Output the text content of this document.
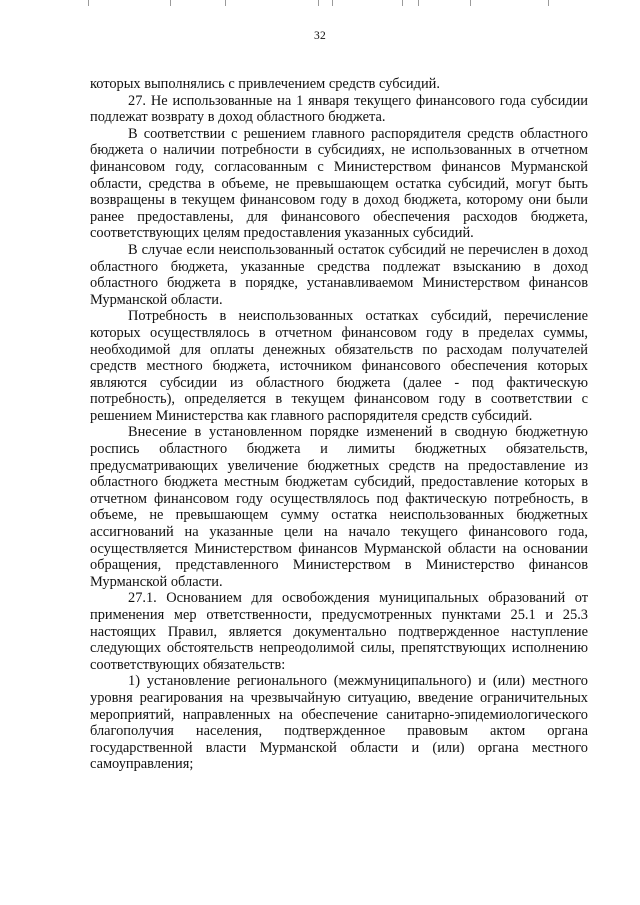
32

которых выполнялись с привлечением средств субсидий.

27. Не использованные на 1 января текущего финансового года субсидии подлежат возврату в доход областного бюджета.

В соответствии с решением главного распорядителя средств областного бюджета о наличии потребности в субсидиях, не использованных в отчетном финансовом году, согласованным с Министерством финансов Мурманской области, средства в объеме, не превышающем остатка субсидий, могут быть возвращены в текущем финансовом году в доход бюджета, которому они были ранее предоставлены, для финансового обеспечения расходов бюджета, соответствующих целям предоставления указанных субсидий.

В случае если неиспользованный остаток субсидий не перечислен в доход областного бюджета, указанные средства подлежат взысканию в доход областного бюджета в порядке, устанавливаемом Министерством финансов Мурманской области.

Потребность в неиспользованных остатках субсидий, перечисление которых осуществлялось в отчетном финансовом году в пределах суммы, необходимой для оплаты денежных обязательств по расходам получателей средств местного бюджета, источником финансового обеспечения которых являются субсидии из областного бюджета (далее - под фактическую потребность), определяется в текущем финансовом году в соответствии с решением Министерства как главного распорядителя средств субсидий.

Внесение в установленном порядке изменений в сводную бюджетную роспись областного бюджета и лимиты бюджетных обязательств, предусматривающих увеличение бюджетных средств на предоставление из областного бюджета местным бюджетам субсидий, предоставление которых в отчетном финансовом году осуществлялось под фактическую потребность, в объеме, не превышающем сумму остатка неиспользованных бюджетных ассигнований на указанные цели на начало текущего финансового года, осуществляется Министерством финансов Мурманской области на основании обращения, представленного Министерством в Министерство финансов Мурманской области.

27.1. Основанием для освобождения муниципальных образований от применения мер ответственности, предусмотренных пунктами 25.1 и 25.3 настоящих Правил, является документально подтвержденное наступление следующих обстоятельств непреодолимой силы, препятствующих исполнению соответствующих обязательств:

1) установление регионального (межмуниципального) и (или) местного уровня реагирования на чрезвычайную ситуацию, введение ограничительных мероприятий, направленных на обеспечение санитарно-эпидемиологического благополучия населения, подтвержденное правовым актом органа государственной власти Мурманской области и (или) органа местного самоуправления;
